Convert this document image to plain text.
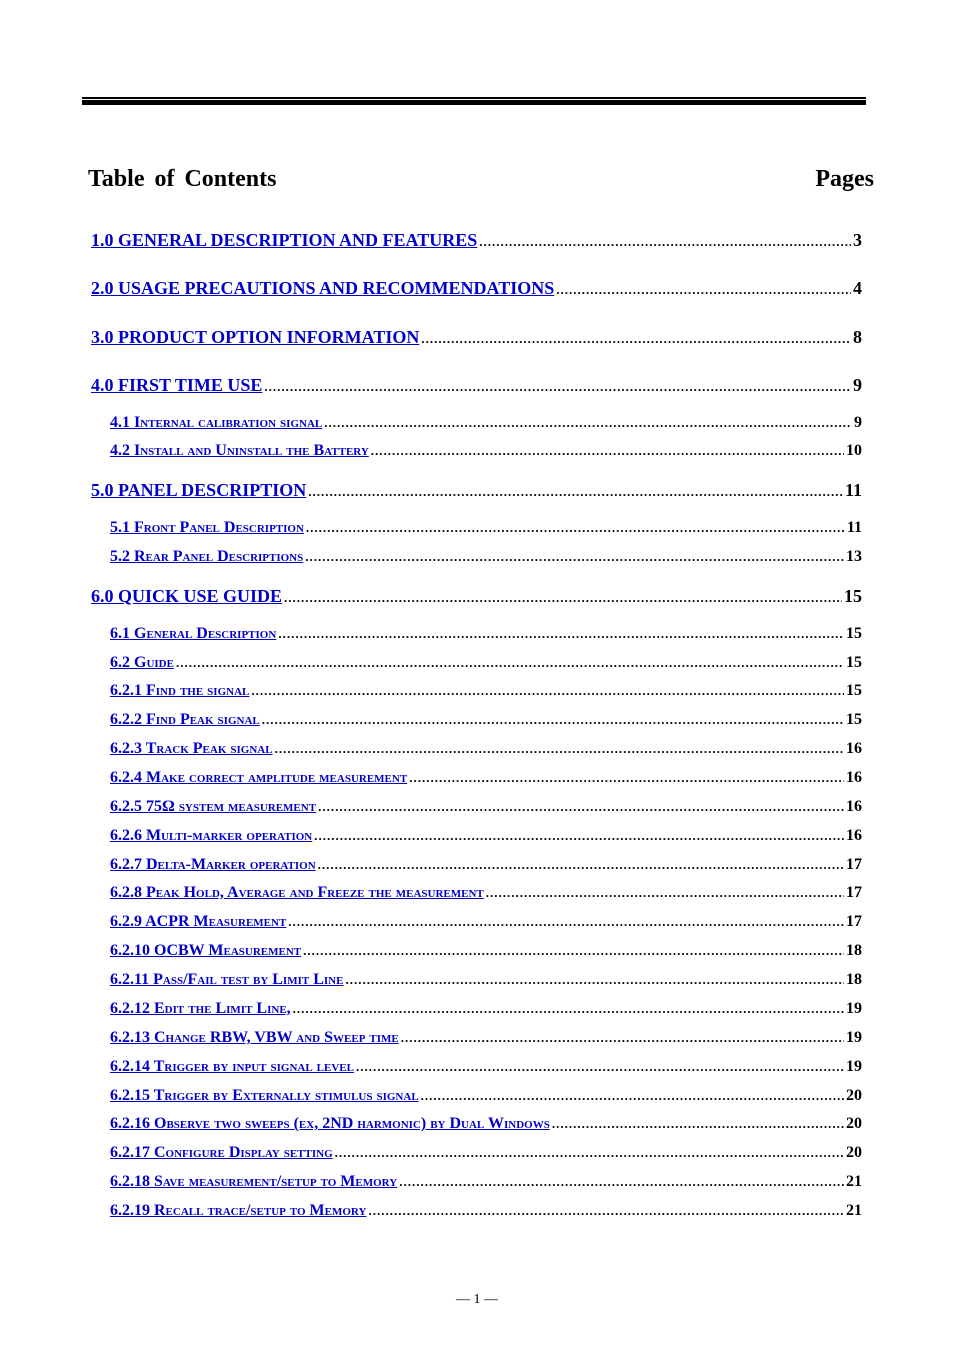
Table of Contents	Pages
1.0 GENERAL DESCRIPTION AND FEATURES .....	3
2.0 USAGE PRECAUTIONS AND RECOMMENDATIONS .....	4
3.0 PRODUCT OPTION INFORMATION .....	8
4.0 FIRST TIME USE .....	9
4.1 Internal calibration signal .....	9
4.2 Install and Uninstall the Battery .....	10
5.0 PANEL DESCRIPTION .....	11
5.1 Front Panel Description .....	11
5.2 Rear Panel Descriptions .....	13
6.0 QUICK USE GUIDE .....	15
6.1 General Description .....	15
6.2 Guide .....	15
6.2.1 Find the signal .....	15
6.2.2 Find Peak signal .....	15
6.2.3 Track Peak signal .....	16
6.2.4 Make correct amplitude measurement .....	16
6.2.5 75Ω system measurement .....	16
6.2.6 Multi-marker operation .....	16
6.2.7 Delta-Marker operation .....	17
6.2.8 Peak Hold, Average and Freeze the measurement .....	17
6.2.9 ACPR Measurement .....	17
6.2.10 OCBW Measurement .....	18
6.2.11 Pass/Fail test by Limit Line .....	18
6.2.12 Edit the Limit Line, .....	19
6.2.13 Change RBW, VBW and Sweep time .....	19
6.2.14 Trigger by input signal level .....	19
6.2.15 Trigger by Externally stimulus signal .....	20
6.2.16 Observe two sweeps (ex, 2ND harmonic) by Dual Windows .....	20
6.2.17 Configure Display setting .....	20
6.2.18 Save measurement/setup to Memory .....	21
6.2.19 Recall trace/setup to Memory .....	21
— 1 —
